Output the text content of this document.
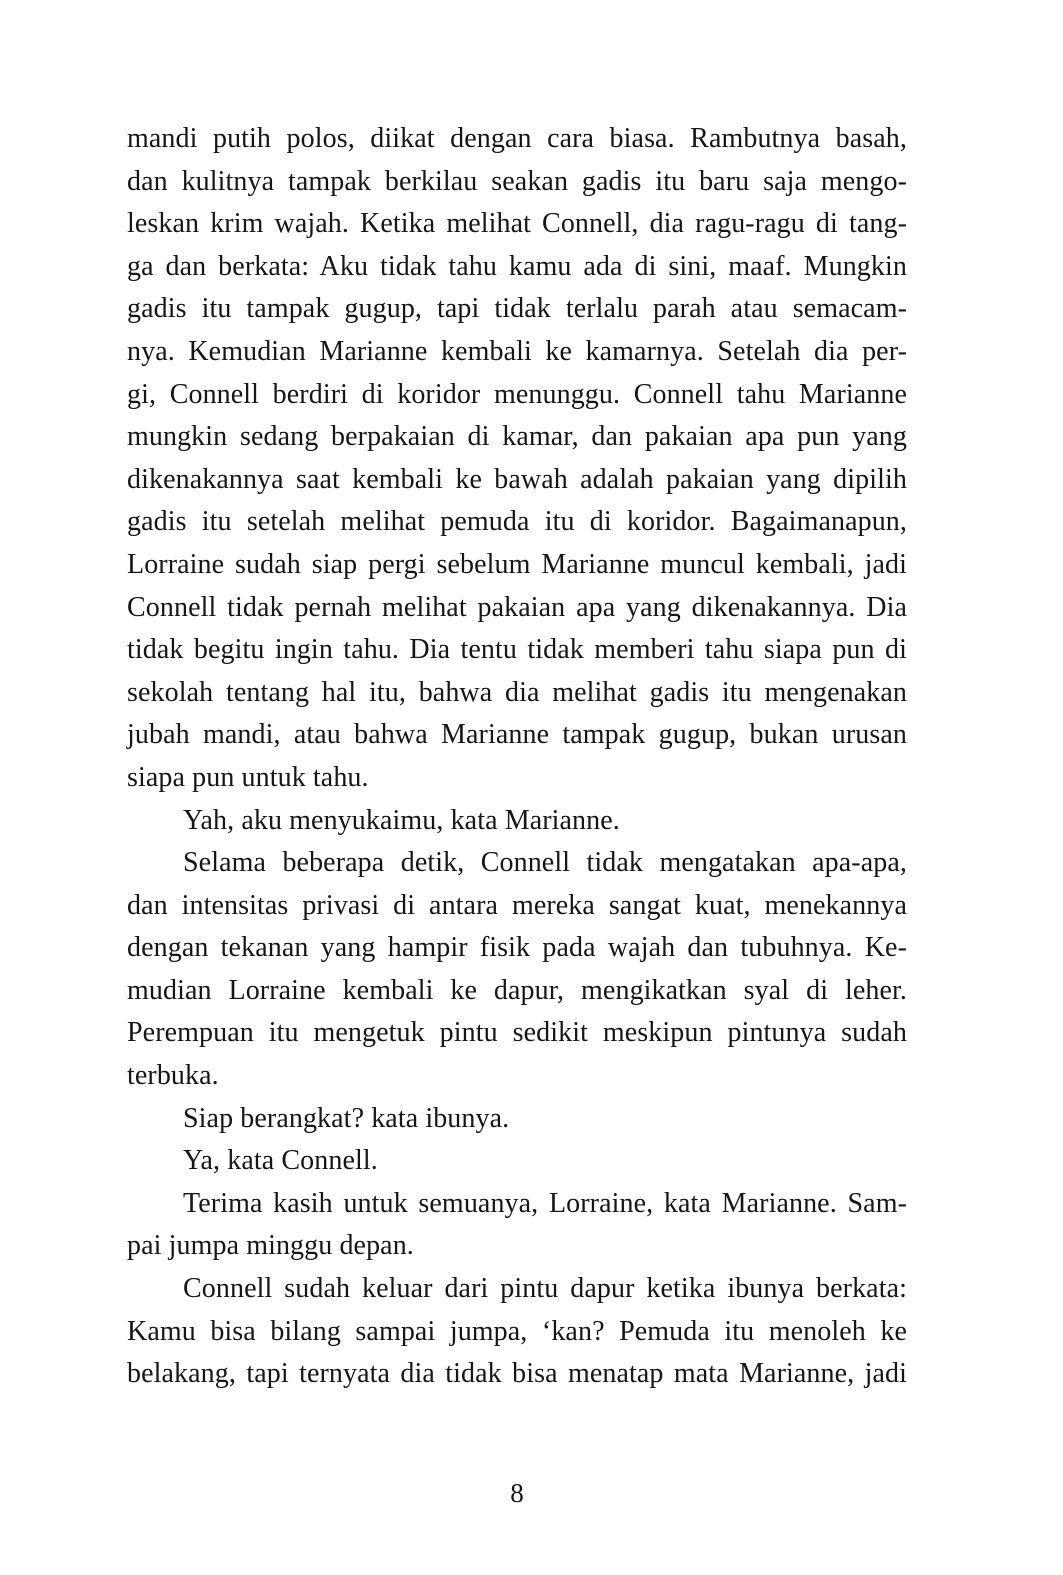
mandi putih polos, diikat dengan cara biasa. Rambutnya basah,
dan kulitnya tampak berkilau seakan gadis itu baru saja mengo-
leskan krim wajah. Ketika melihat Connell, dia ragu-ragu di tang-
ga dan berkata: Aku tidak tahu kamu ada di sini, maaf. Mungkin
gadis itu tampak gugup, tapi tidak terlalu parah atau semacam-
nya. Kemudian Marianne kembali ke kamarnya. Setelah dia per-
gi, Connell berdiri di koridor menunggu. Connell tahu Marianne
mungkin sedang berpakaian di kamar, dan pakaian apa pun yang
dikenakannya saat kembali ke bawah adalah pakaian yang dipilih
gadis itu setelah melihat pemuda itu di koridor. Bagaimanapun,
Lorraine sudah siap pergi sebelum Marianne muncul kembali, jadi
Connell tidak pernah melihat pakaian apa yang dikenakannya. Dia
tidak begitu ingin tahu. Dia tentu tidak memberi tahu siapa pun di
sekolah tentang hal itu, bahwa dia melihat gadis itu mengenakan
jubah mandi, atau bahwa Marianne tampak gugup, bukan urusan
siapa pun untuk tahu.
Yah, aku menyukaimu, kata Marianne.
Selama beberapa detik, Connell tidak mengatakan apa-apa,
dan intensitas privasi di antara mereka sangat kuat, menekannya
dengan tekanan yang hampir fisik pada wajah dan tubuhnya. Ke-
mudian Lorraine kembali ke dapur, mengikatkan syal di leher.
Perempuan itu mengetuk pintu sedikit meskipun pintunya sudah
terbuka.
Siap berangkat? kata ibunya.
Ya, kata Connell.
Terima kasih untuk semuanya, Lorraine, kata Marianne. Sam-
pai jumpa minggu depan.
Connell sudah keluar dari pintu dapur ketika ibunya berkata:
Kamu bisa bilang sampai jumpa, ‘kan? Pemuda itu menoleh ke
belakang, tapi ternyata dia tidak bisa menatap mata Marianne, jadi
8
